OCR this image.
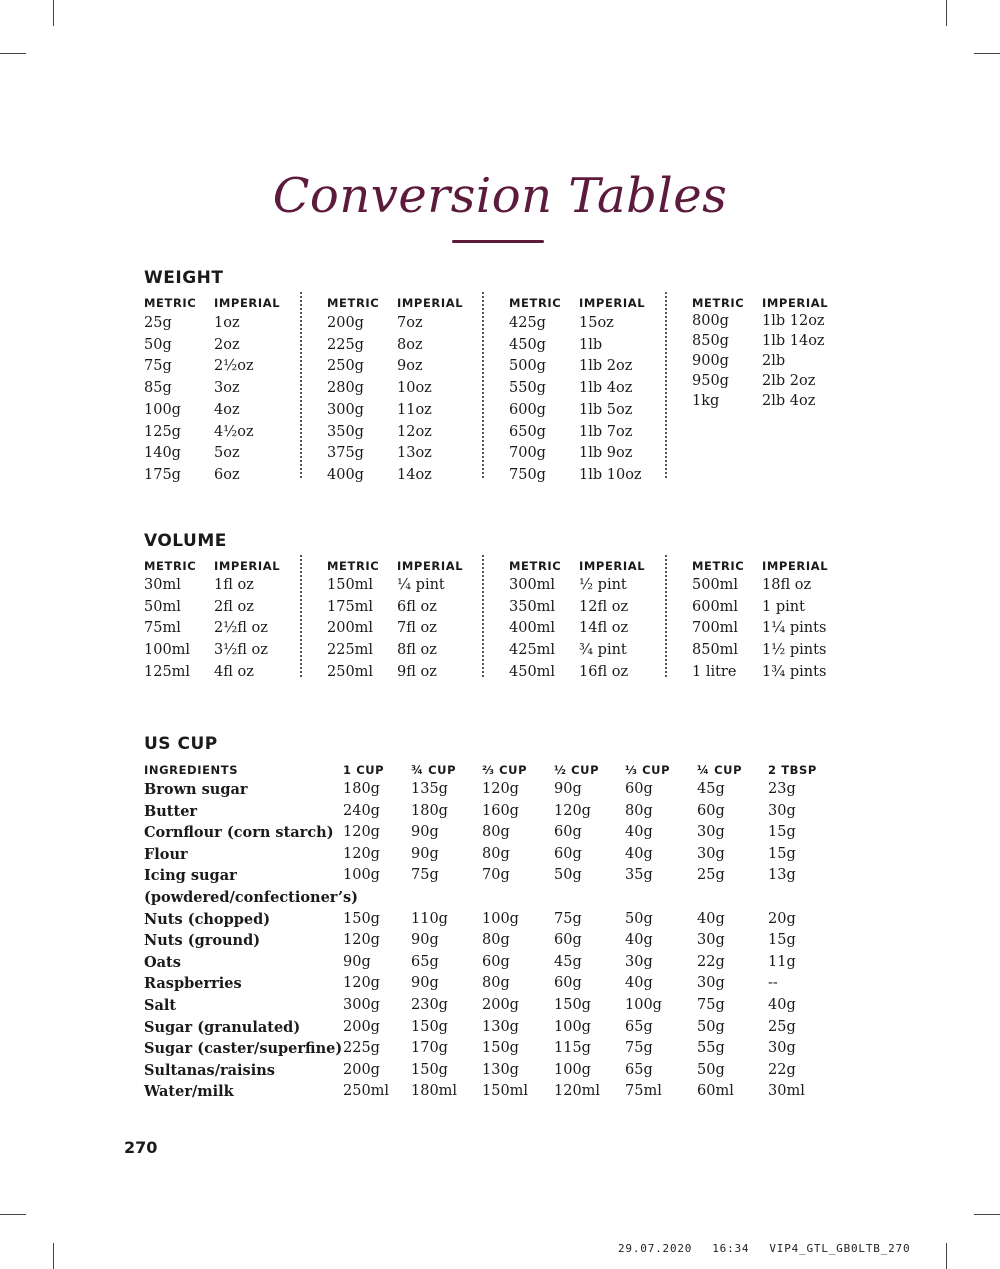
Conversion Tables
WEIGHT
METRIC IMPERIAL
25g	1oz
50g	2oz
75g	2½oz
85g	3oz
100g 4oz
125g 4½oz
140g 5oz
175g 6oz
METRIC IMPERIAL
200g 7oz
225g 8oz
250g 9oz
280g 10oz
300g 11oz
350g 12oz
375g 13oz
400g 14oz
METRIC IMPERIAL
425g 15oz
450g 1lb
500g 1lb 2oz
550g 1lb 4oz
600g 1lb 5oz
650g 1lb 7oz
700g 1lb 9oz
750g 1lb 10oz
METRIC IMPERIAL
800g 1lb 12oz
850g 1lb 14oz
900g 2lb
950g 2lb 2oz
1kg	2lb 4oz
VOLUME
METRIC IMPERIAL
30ml 1fl oz
50ml 2fl oz
75ml 2½fl oz
100ml 3½fl oz
125ml 4fl oz
METRIC IMPERIAL
150ml ¼ pint
175ml 6fl oz
200ml 7fl oz
225ml 8fl oz
250ml 9fl oz
METRIC IMPERIAL
300ml ½ pint
350ml 12fl oz
400ml 14fl oz
425ml ¾ pint
450ml 16fl oz
METRIC IMPERIAL
500ml 18fl oz
600ml 1 pint
700ml 1¼ pints
850ml 1½ pints
1 litre 1¾ pints
US CUP
INGREDIENTS	1 CUP ¾ CUP ⅔ CUP ½ CUP ⅓ CUP ¼ CUP 2 TBSP
Brown sugar	180g 135g 120g 90g	60g	45g	23g
Butter	240g 180g 160g 120g 80g	60g	30g
Cornflour (corn starch) 120g 90g	80g	60g	40g	30g	15g
Flour	120g 90g	80g	60g	40g	30g	15g
Icing sugar	100g 75g	70g	50g	35g	25g	13g
(powdered/confectioner’s)
Nuts (chopped)	150g 110g 100g 75g	50g	40g	20g
Nuts (ground)	120g 90g	80g	60g	40g	30g	15g
Oats	90g	65g	60g	45g	30g	22g	11g
Raspberries	120g 90g	80g	60g	40g	30g	--
Salt	300g 230g 200g 150g 100g 75g	40g
Sugar (granulated)	200g 150g 130g 100g 65g	50g	25g
Sugar (caster/superfine) 225g 170g 150g 115g 75g	55g	30g
Sultanas/raisins	200g 150g 130g 100g 65g	50g	22g
Water/milk	250ml 180ml 150ml 120ml 75ml 60ml 30ml
270
29.07.2020 16:34 VIP4_GTL_GB0LTB_270
